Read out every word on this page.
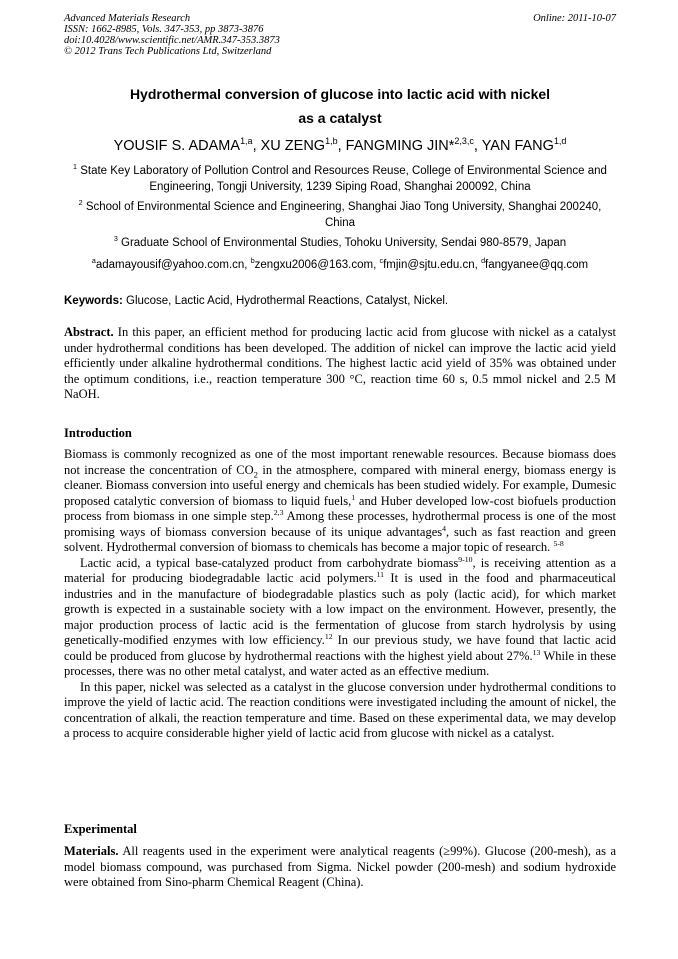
Advanced Materials Research
ISSN: 1662-8985, Vols. 347-353, pp 3873-3876
doi:10.4028/www.scientific.net/AMR.347-353.3873
© 2012 Trans Tech Publications Ltd, Switzerland
Online: 2011-10-07
Hydrothermal conversion of glucose into lactic acid with nickel
as a catalyst
YOUSIF S. ADAMA$^{1,a}$, XU ZENG$^{1,b}$, FANGMING JIN*$^{2,3,c}$, YAN FANG$^{1,d}$
$^1$ State Key Laboratory of Pollution Control and Resources Reuse, College of Environmental Science and Engineering, Tongji University, 1239 Siping Road, Shanghai 200092, China
$^2$ School of Environmental Science and Engineering, Shanghai Jiao Tong University, Shanghai 200240, China
$^3$ Graduate School of Environmental Studies, Tohoku University, Sendai 980-8579, Japan
$^a$adamayousif@yahoo.com.cn, $^b$zengxu2006@163.com, $^c$fmjin@sjtu.edu.cn, $^d$fangyanee@qq.com
Keywords: Glucose, Lactic Acid, Hydrothermal Reactions, Catalyst, Nickel.
Abstract. In this paper, an efficient method for producing lactic acid from glucose with nickel as a catalyst under hydrothermal conditions has been developed. The addition of nickel can improve the lactic acid yield efficiently under alkaline hydrothermal conditions. The highest lactic acid yield of 35% was obtained under the optimum conditions, i.e., reaction temperature 300 °C, reaction time 60 s, 0.5 mmol nickel and 2.5 M NaOH.
Introduction

Biomass is commonly recognized as one of the most important renewable resources. Because biomass does not increase the concentration of $CO_2$ in the atmosphere, compared with mineral energy, biomass energy is cleaner. Biomass conversion into useful energy and chemicals has been studied widely. For example, Dumesic proposed catalytic conversion of biomass to liquid fuels,$^1$ and Huber developed low-cost biofuels production process from biomass in one simple step.$^{2,3}$ Among these processes, hydrothermal process is one of the most promising ways of biomass conversion because of its unique advantages$^4$, such as fast reaction and green solvent. Hydrothermal conversion of biomass to chemicals has become a major topic of research. $^{5-8}$

Lactic acid, a typical base-catalyzed product from carbohydrate biomass$^{9-10}$, is receiving attention as a material for producing biodegradable lactic acid polymers.$^{11}$ It is used in the food and pharmaceutical industries and in the manufacture of biodegradable plastics such as poly (lactic acid), for which market growth is expected in a sustainable society with a low impact on the environment. However, presently, the major production process of lactic acid is the fermentation of glucose from starch hydrolysis by using genetically-modified enzymes with low efficiency.$^{12}$ In our previous study, we have found that lactic acid could be produced from glucose by hydrothermal reactions with the highest yield about 27%.$^{13}$ While in these processes, there was no other metal catalyst, and water acted as an effective medium.

In this paper, nickel was selected as a catalyst in the glucose conversion under hydrothermal conditions to improve the yield of lactic acid. The reaction conditions were investigated including the amount of nickel, the concentration of alkali, the reaction temperature and time. Based on these experimental data, we may develop a process to acquire considerable higher yield of lactic acid from glucose with nickel as a catalyst.

Experimental
Materials. All reagents used in the experiment were analytical reagents (≥99%). Glucose (200-mesh), as a model biomass compound, was purchased from Sigma. Nickel powder (200-mesh) and sodium hydroxide were obtained from Sino-pharm Chemical Reagent (China).
